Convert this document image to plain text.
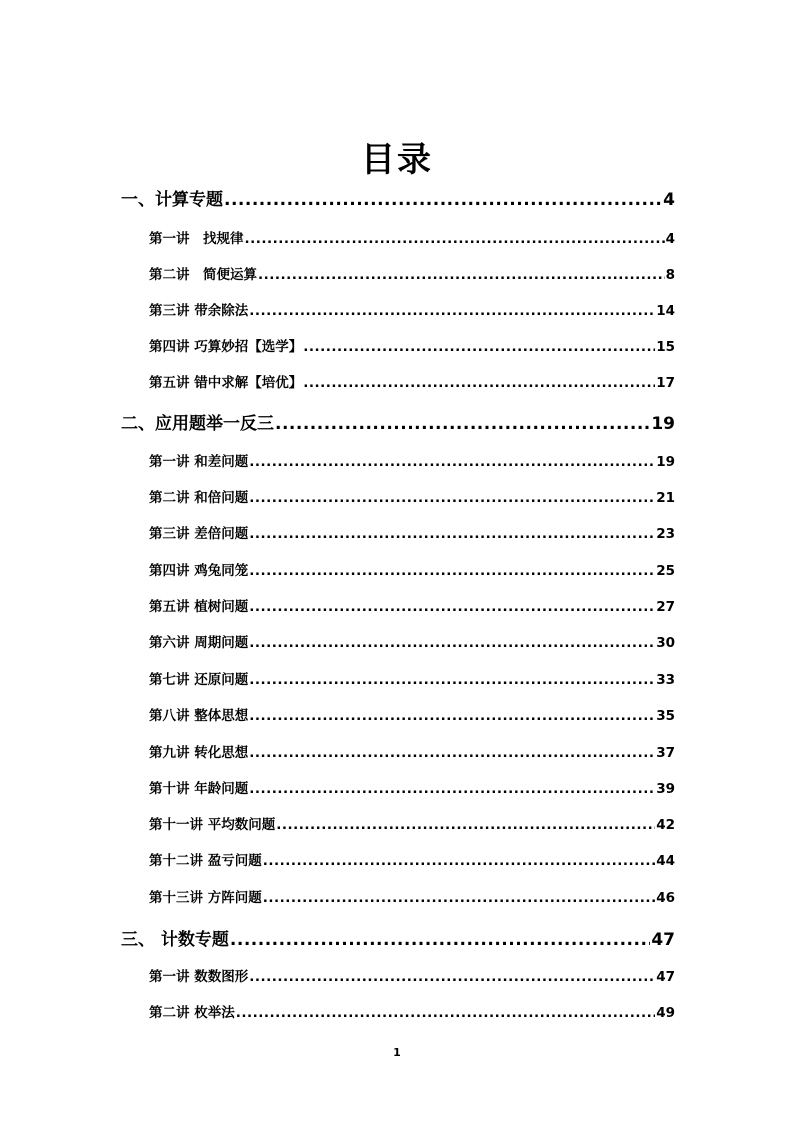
目录
一、计算专题 .....	4
第一讲　找规律 .....	4
第二讲　简便运算 .....	8
第三讲 带余除法 .....	14
第四讲 巧算妙招【选学】 .....	15
第五讲 错中求解【培优】 .....	17
二、应用题举一反三 .....	19
第一讲 和差问题 .....	19
第二讲 和倍问题 .....	21
第三讲 差倍问题 .....	23
第四讲 鸡兔同笼 .....	25
第五讲 植树问题 .....	27
第六讲 周期问题 .....	30
第七讲 还原问题 .....	33
第八讲 整体思想 .....	35
第九讲 转化思想 .....	37
第十讲 年龄问题 .....	39
第十一讲 平均数问题 .....	42
第十二讲 盈亏问题 .....	44
第十三讲 方阵问题 .....	46
三、 计数专题 .....	47
第一讲 数数图形 .....	47
第二讲 枚举法 .....	49
1
